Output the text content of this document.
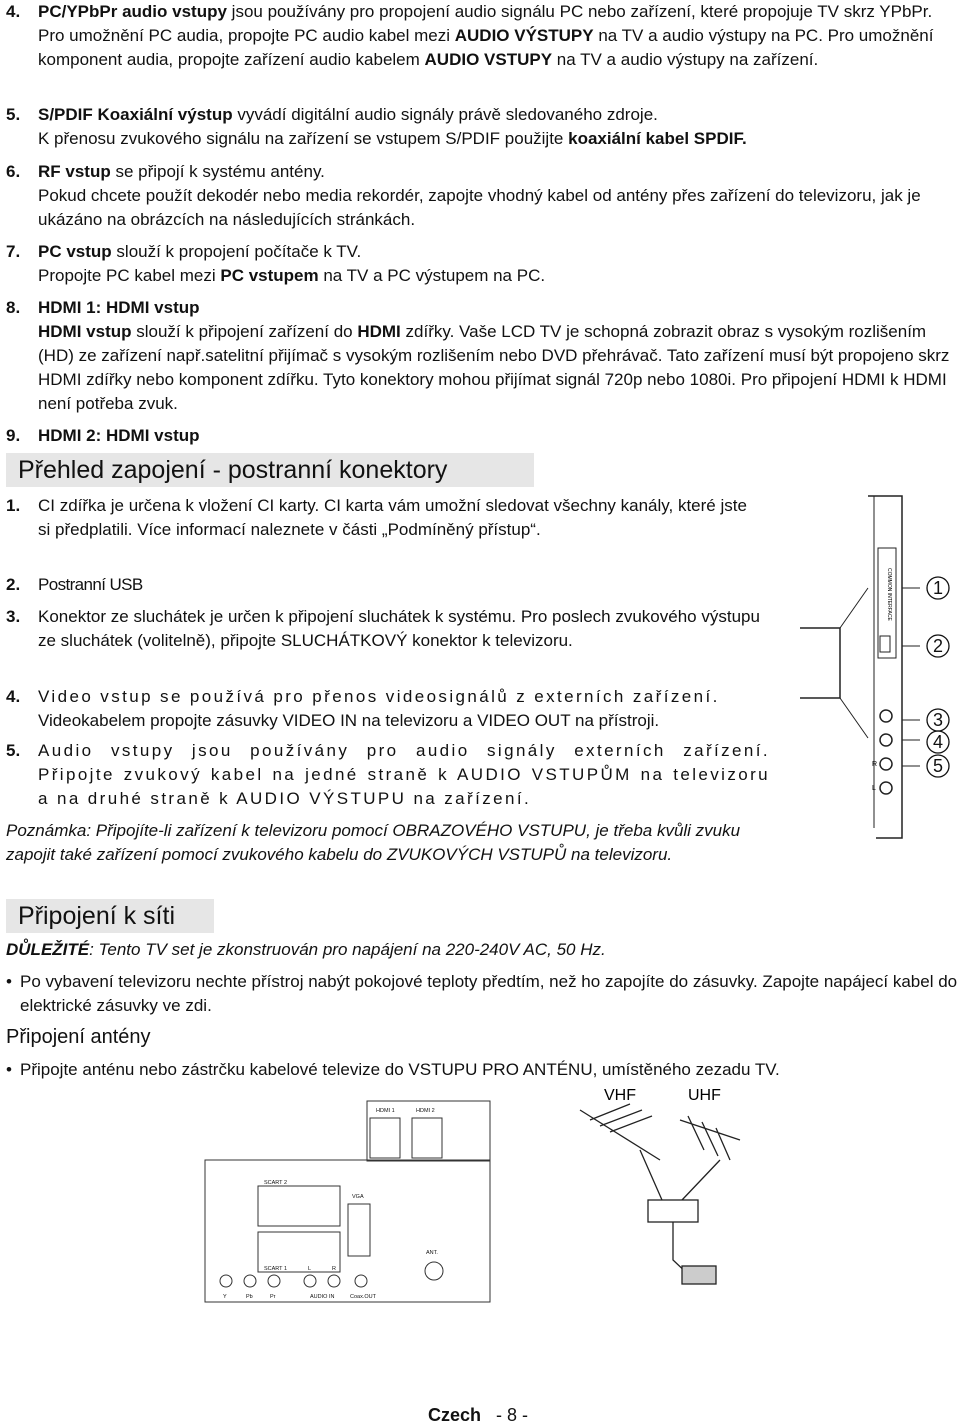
4. PC/YPbPr audio vstupy jsou používány pro propojení audio signálu PC nebo zařízení, které propojuje TV skrz YPbPr. Pro umožnění PC audia, propojte PC audio kabel mezi AUDIO VÝSTUPY na TV a audio výstupy na PC. Pro umožnění komponent audia, propojte zařízení audio kabelem AUDIO VSTUPY na TV a audio výstupy na zařízení.

5. S/PDIF Koaxiální výstup vyvádí digitální audio signály právě sledovaného zdroje.

K přenosu zvukového signálu na zařízení se vstupem S/PDIF použijte koaxiální kabel SPDIF.

6. RF vstup se připojí k systému antény.

Pokud chcete použít dekodér nebo media rekordér, zapojte vhodný kabel od antény přes zařízení do televizoru, jak je ukázáno na obrázcích na následujících stránkách.

7. PC vstup slouží k propojení počítače k TV.

Propojte PC kabel mezi PC vstupem na TV a PC výstupem na PC.

8. HDMI 1: HDMI vstup

HDMI vstup slouží k připojení zařízení do HDMI zdířky. Vaše LCD TV je schopná zobrazit obraz s vysokým rozlišením (HD) ze zařízení např.satelitní přijímač s vysokým rozlišením nebo DVD přehrávač. Tato zařízení musí být propojeno skrz HDMI zdířky nebo komponent zdířku. Tyto konektory mohou přijímat signál 720p nebo 1080i. Pro připojení HDMI k HDMI není potřeba zvuk.

9. HDMI 2: HDMI vstup

Přehled zapojení - postranní konektory
1. CI zdířka je určena k vložení CI karty. CI karta vám umožní sledovat všechny kanály, které jste si předplatili. Více informací naleznete v části „Podmíněný přístup“.

2. Postranní USB

3. Konektor ze sluchátek je určen k připojení sluchátek k systému. Pro poslech zvukového výstupu ze sluchátek (volitelně), připojte SLUCHÁTKOVÝ konektor k televizoru.

4. Video vstup se používá pro přenos videosignálů z externích zařízení.

Videokabelem propojte zásuvky VIDEO IN na televizoru a VIDEO OUT na přístroji.

5. Audio vstupy jsou používány pro audio signály externích zařízení. Připojte zvukový kabel na jedné straně k AUDIO VSTUPŮM na televizoru a na druhé straně k AUDIO VÝSTUPU na zařízení.

Poznámka: Připojíte-li zařízení k televizoru pomocí OBRAZOVÉHO VSTUPU, je třeba kvůli zvuku zapojit také zařízení pomocí zvukového kabelu do ZVUKOVÝCH VSTUPŮ na televizoru.

1
2
3
4
5
COMMON INTERFACE
R
L
Připojení k síti

DŮLEŽITÉ: Tento TV set je zkonstruován pro napájení na 220-240V AC, 50 Hz.

• Po vybavení televizoru nechte přístroj nabýt pokojové teploty předtím, než ho zapojíte do zásuvky. Zapojte napájecí kabel do elektrické zásuvky ve zdi.

Připojení antény

• Připojte anténu nebo zástrčku kabelové televize do VSTUPU PRO ANTÉNU, umístěného zezadu TV.

HDMI 1	HDMI 2
SCART 2
SCART 1
VGA
ANT.
L	R
Y	Pb	Pr	AUDIO IN	Coax.OUT
VHF	UHF
Czech - 8 -
